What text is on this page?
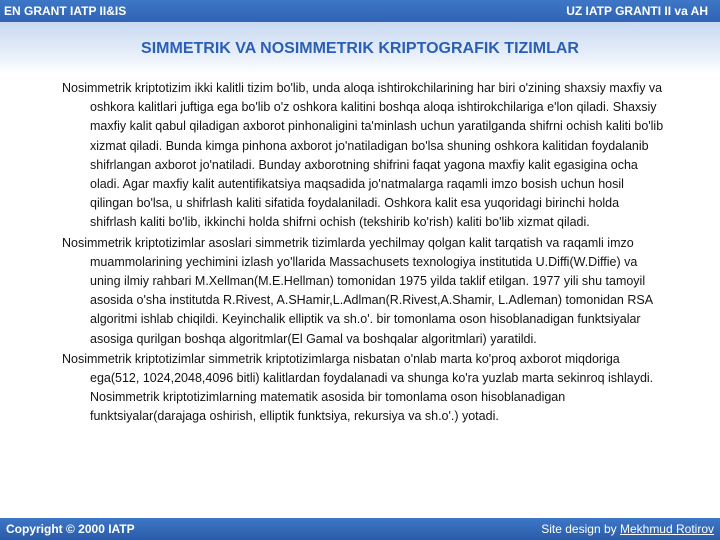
EN GRANT IATP II&IS	UZ IATP GRANTI II va AH
SIMMETRIK VA NOSIMMETRIK KRIPTOGRAFIK TIZIMLAR

Nosimmetrik kriptotizim ikki kalitli tizim bo'lib, unda aloqa ishtirokchilarining har biri o'zining shaxsiy maxfiy va oshkora kalitlari juftiga ega bo'lib o'z oshkora kalitini boshqa aloqa ishtirokchilariga e'lon qiladi. Shaxsiy maxfiy kalit qabul qiladigan axborot pinhonaligini ta'minlash uchun yaratilganda shifrni ochish kaliti bo'lib xizmat qiladi. Bunda kimga pinhona axborot jo'natiladigan bo'lsa shuning oshkora kalitidan foydalanib shifrlangan axborot jo'natiladi. Bunday axborotning shifrini faqat yagona maxfiy kalit egasigina ocha oladi. Agar maxfiy kalit autentifikatsiya maqsadida jo'natmalarga raqamli imzo bosish uchun hosil qilingan bo'lsa, u shifrlash kaliti sifatida foydalaniladi. Oshkora kalit esa yuqoridagi birinchi holda shifrlash kaliti bo'lib, ikkinchi holda shifrni ochish (tekshirib ko'rish) kaliti bo'lib xizmat qiladi.

Nosimmetrik kriptotizimlar asoslari simmetrik tizimlarda yechilmay qolgan kalit tarqatish va raqamli imzo muammolarining yechimini izlash yo'llarida Massachusets texnologiya institutida U.Diffi(W.Diffie) va uning ilmiy rahbari M.Xellman(M.E.Hellman) tomonidan 1975 yilda taklif etilgan. 1977 yili shu tamoyil asosida o'sha institutda R.Rivest, A.SHamir,L.Adlman(R.Rivest,A.Shamir, L.Adleman) tomonidan RSA algoritmi ishlab chiqildi. Keyinchalik elliptik va sh.o'. bir tomonlama oson hisoblanadigan funktsiyalar asosiga qurilgan boshqa algoritmlar(El Gamal va boshqalar algoritmlari) yaratildi.

Nosimmetrik kriptotizimlar simmetrik kriptotizimlarga nisbatan o'nlab marta ko'proq axborot miqdoriga ega(512, 1024,2048,4096 bitli) kalitlardan foydalanadi va shunga ko'ra yuzlab marta sekinroq ishlaydi. Nosimmetrik kriptotizimlarning matematik asosida bir tomonlama oson hisoblanadigan funktsiyalar(darajaga oshirish, elliptik funktsiya, rekursiya va sh.o'.) yotadi.

Copyright © 2000 IATP	Site design by Mekhmud Rotirov
